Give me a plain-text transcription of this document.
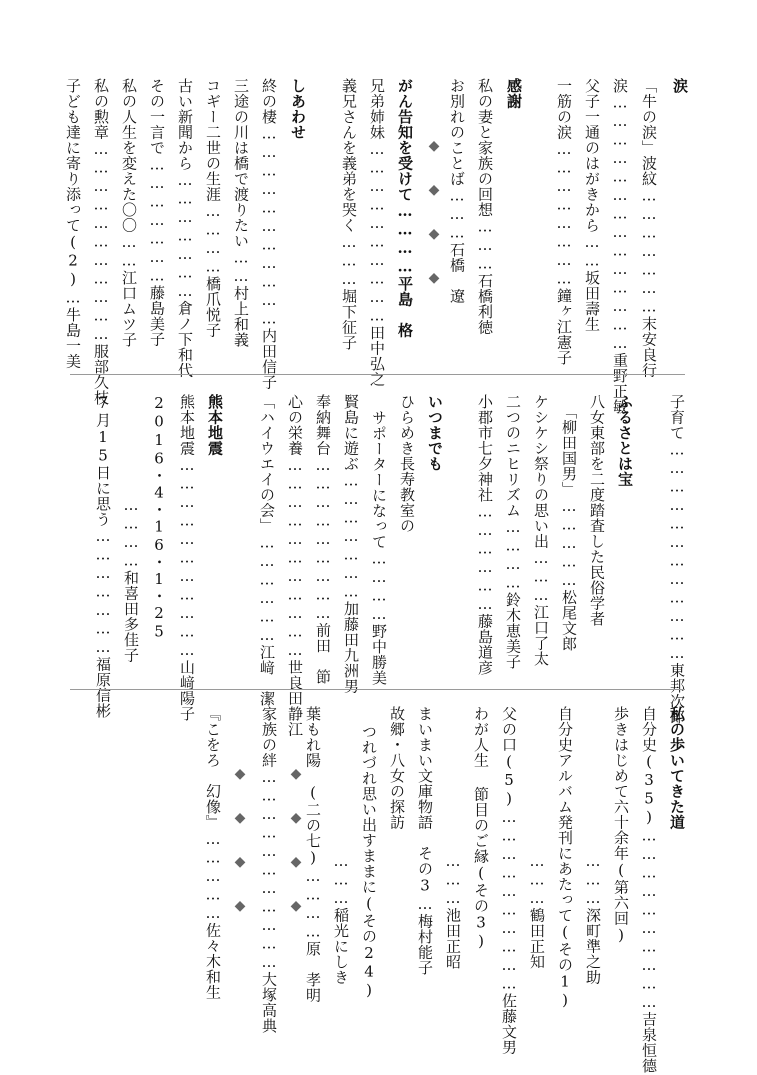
涙
「牛の涙」波紋…………………末安良行
涙……………………………………重野正敏
父子一通のはがきから……坂田壽生
一筋の涙……………………鐘ヶ江憲子
感謝
私の妻と家族の回想………石橋利徳
お別れのことば………石橋　遼
◆◆◆◆
がん告知を受けて…………平島　格
兄弟姉妹…………………………田中弘之
義兄さんを義弟を哭く………堀下征子
しあわせ
終の棲……………………………内田信子
三途の川は橋で渡りたい……村上和義
コギー二世の生涯…………橋爪悦子
古い新聞から…………………倉ノ下和代
その一言で…………………藤島美子
私の人生を変えた〇〇……江口ムツ子
私の勲章……………………………服部久枝
子ども達に寄り添って(2)…牛島一美
子育て………………………………東邦次郎
ふるさとは宝
八女東部を二度踏査した民俗学者
「柳田国男」……………松尾文郎
ケシケシ祭りの思い出………江口了太
二つのニヒリズム…………鈴木恵美子
小郡市七夕神社………………藤島道彦
いつまでも
ひらめき長寿教室の
サポーターになって…………野中勝美
賢島に遊ぶ…………………加藤田九洲男
奉納舞台………………………前田　節
心の栄養……………………………世良田静江
「ハイウエイの会」………………江﨑　潔
熊本地震
熊本地震……………………………山﨑陽子
2016・4・16・1・25
…………和喜田多佳子
7月15日に思う…………………福原信彬
私の歩いてきた道
自分史(35)…………………………吉泉恒德
歩きはじめて六十余年(第六回)
………深町準之助
自分史アルバム発刊にあたって(その1)
………鶴田正知
父の口(5)…………………………佐藤文男
わが人生 節目のご縁(その3)
………池田正昭
まいまい文庫物語　その3…梅村能子
故郷・八女の探訪
つれづれ思い出すままに(その24)
………稲光にしき
葉もれ陽　(二の七)…………原　孝明
◆◆◆◆
家族の絆……………………………大塚高典
◆◆◆◆
『こをろ　幻像』……………佐々木和生
